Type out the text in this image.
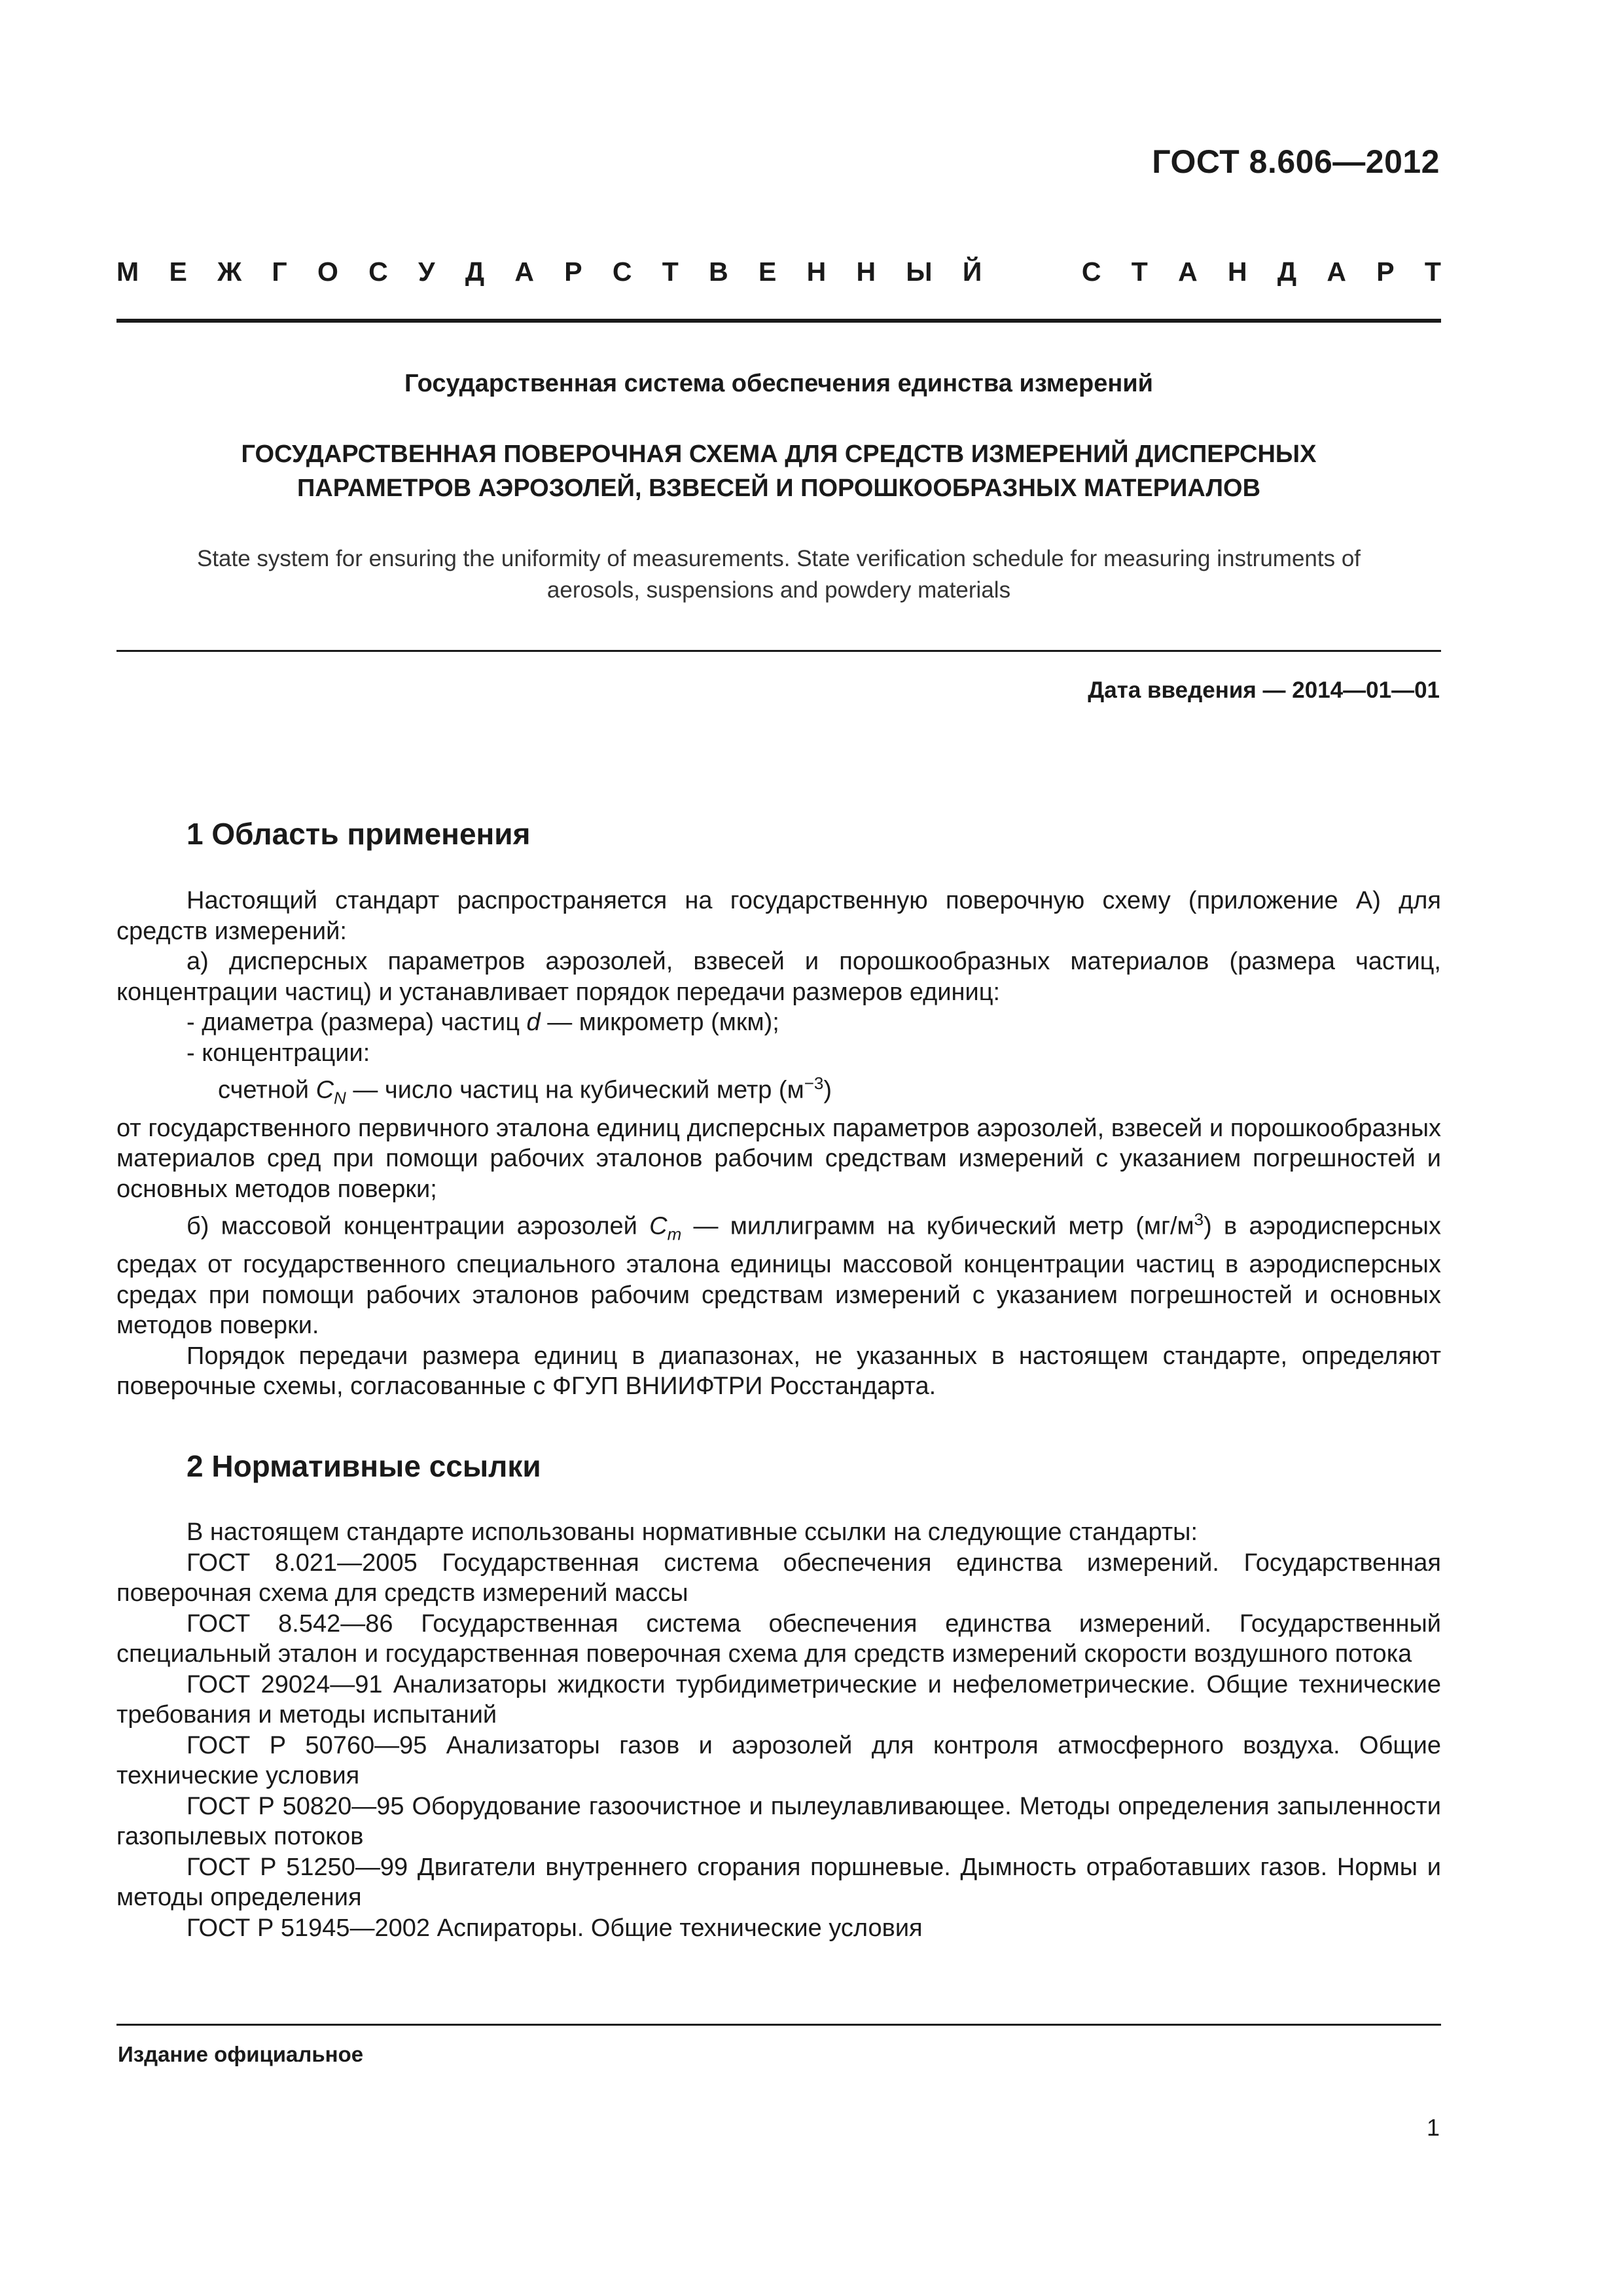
ГОСТ 8.606—2012
М Е Ж Г О С У Д А Р С Т В Е Н Н Ы Й	С Т А Н Д А Р Т
Государственная система обеспечения единства измерений
ГОСУДАРСТВЕННАЯ ПОВЕРОЧНАЯ СХЕМА ДЛЯ СРЕДСТВ ИЗМЕРЕНИЙ ДИСПЕРСНЫХ
ПАРАМЕТРОВ АЭРОЗОЛЕЙ, ВЗВЕСЕЙ И ПОРОШКООБРАЗНЫХ МАТЕРИАЛОВ
State system for ensuring the uniformity of measurements. State verification schedule for measuring instruments of
aerosols, suspensions and powdery materials
Дата введения — 2014—01—01
1 Область применения

Настоящий стандарт распространяется на государственную поверочную схему (приложение А) для средств измерений:

а) дисперсных параметров аэрозолей, взвесей и порошкообразных материалов (размера частиц, концентрации частиц) и устанавливает порядок передачи размеров единиц:

- диаметра (размера) частиц d — микрометр (мкм);

- концентрации:

счетной $C_N$ — число частиц на кубический метр $(м^{-3})$

от государственного первичного эталона единиц дисперсных параметров аэрозолей, взвесей и порошкообразных материалов сред при помощи рабочих эталонов рабочим средствам измерений с указанием погрешностей и основных методов поверки;

б) массовой концентрации аэрозолей $C_m$ — миллиграмм на кубический метр $(мг/м^3)$ в аэродисперсных средах от государственного специального эталона единицы массовой концентрации частиц в аэродисперсных средах при помощи рабочих эталонов рабочим средствам измерений с указанием погрешностей и основных методов поверки.

Порядок передачи размера единиц в диапазонах, не указанных в настоящем стандарте, определяют поверочные схемы, согласованные с ФГУП ВНИИФТРИ Росстандарта.

2 Нормативные ссылки

В настоящем стандарте использованы нормативные ссылки на следующие стандарты:

ГОСТ 8.021—2005 Государственная система обеспечения единства измерений. Государственная поверочная схема для средств измерений массы

ГОСТ 8.542—86 Государственная система обеспечения единства измерений. Государственный специальный эталон и государственная поверочная схема для средств измерений скорости воздушного потока

ГОСТ 29024—91 Анализаторы жидкости турбидиметрические и нефелометрические. Общие технические требования и методы испытаний

ГОСТ Р 50760—95 Анализаторы газов и аэрозолей для контроля атмосферного воздуха. Общие технические условия

ГОСТ Р 50820—95 Оборудование газоочистное и пылеулавливающее. Методы определения запыленности газопылевых потоков

ГОСТ Р 51250—99 Двигатели внутреннего сгорания поршневые. Дымность отработавших газов. Нормы и методы определения

ГОСТ Р 51945—2002 Аспираторы. Общие технические условия

Издание официальное
1
